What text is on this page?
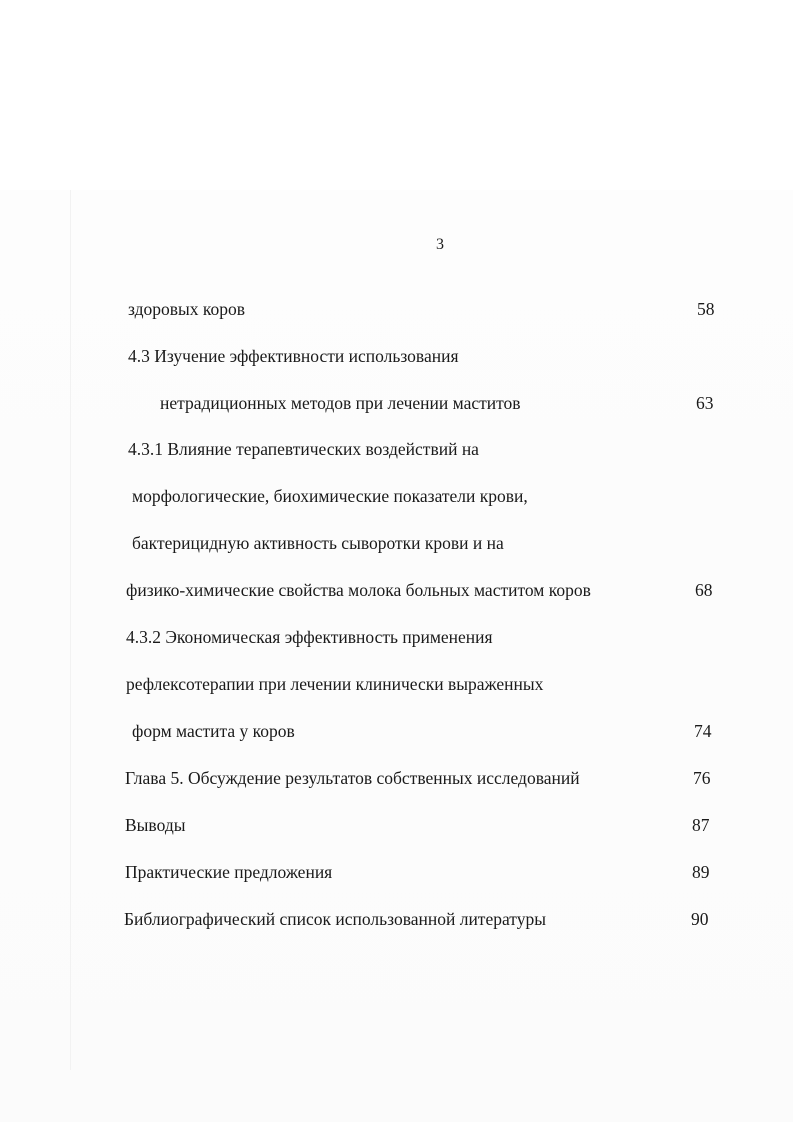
3
здоровых коров	58
4.3 Изучение эффективности использования
нетрадиционных методов при лечении маститов	63
4.3.1 Влияние терапевтических воздействий на
морфологические, биохимические показатели крови,
бактерицидную активность сыворотки крови и на
физико-химические свойства молока больных маститом коров	68
4.3.2 Экономическая эффективность применения
рефлексотерапии при лечении клинически выраженных
форм мастита у коров	74
Глава 5. Обсуждение результатов собственных исследований	76
Выводы	87
Практические предложения	89
Библиографический список использованной литературы	90
